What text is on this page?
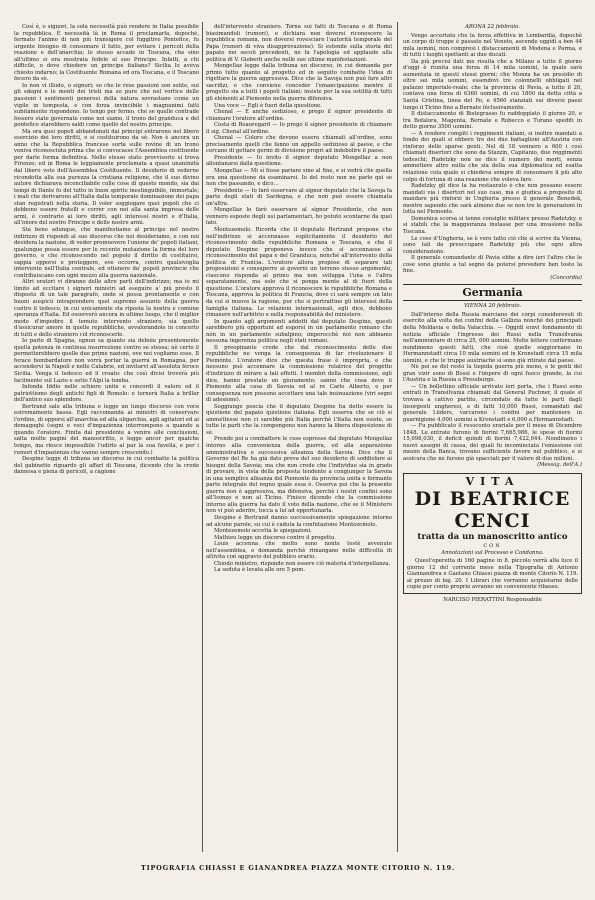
Così è, o signori, la sola necessità può rendere in Italia possibile la repubblica. È necessità là in Roma il proclamarla, dopochè, fermato l'animo di non più transigere col fuggitivo Pontefice, fu urgente bisogno di consumare il fatto, per evitare i pericoli della reazione e dell'anarchia; lo stesso accade in Toscana, che sino all'ultimo si era mostrata fedele al suo Principe. Infatti, a chi difficile, o dove chiedere un principe italiano? Sicilia lo aveva chiesto indarno; la Costituente Romana ed ora Toscana, e il Toscano fecero da sè.

Io non vi illudo, o signori; so che le rese passioni son solite, sui gli sdegni e le menti dei tristi ma so pure che nel vortice delle passioni i sentimenti generosi della natura sovrastano come un vigile in tempesta, e con forza invincibile i magnanimi fatti subitamente rispondono. Io tengo per fermo, che se quelle contrade fossero state governate come noi siamo, il trono del granduca e del pontefice starebbero saldi come quello del nostro principe.

Ma ora quei popoli abbandonati dai principi entrarono nel libero esercizio dei loro diritti, e si costituirono da sè. Non è ancora un anno che la Repubblica francese sorta sulle rovine di un trono veniva riconosciuta prima che si convocasse l'Assemblea costituente per darle forma definitiva. Nello stesso stato provvisorio si trova Firenze; ed in Roma le leggiamente proclamata a quasi unanimità dal libero voto dell'Assemblea Costituente. Il desiderio di vederne ricondotta alla sua purezza la cristiana religione, che il suo divino autore dichiarava inconciliabile colle cose di questo mondo, sia dai tempi di Dante fu del tutto in buon spirito inestinguibile, immortale; i mali che derivarono all'Italia dalla temporale dominazione dei papa stan registrati nella storia. Il voler soggiogare quei popoli che ci debbono essere fratelli e correr con noi alla santa impresa delle armi, è contrario ai loro diritti, agli interessi nostri e d'Italia, all'onore del nostro Principe e delle nostre armi.

Sta bene adunque, che manifestiamo al principe nel nostro indirizzo di rispondi al suo discorso che noi desideriamo, e con noi desidera la nazione, di veder promuovere l'unione de' popoli italiani, qualunque possa essere per le recente mutazione la forma del loro governo, e che riconoscendo nel popolo il diritto di costituirsi, sappia opporsi e proteggere, ove occorra, contro qualsivoglia intervento nell'Italia centrale, ed ottenere da' popoli provincie che contribuiscano con ogni mezzo alla guerra nazionale.

Altri oratori vi diranno delle altre parti dell'indirizzo; ma io mi limito ad eccitare i signori ministri ad eseguire a' più presto il disposto di un tale paragrafo, onde si possa prontamente e con buoni auspicii intraprendere quel supremo assunto della guerra contro il tedesco, in cui unicamente sta riposta la nostra e comune speranza d'Italia. Ed osserverò ancora in ultimo luogo, che il miglior modo d'impedire il temuto intervento straniero, sia quello d'assicurar amore in quelle repubbliche, avvalorandole in concerto di tutti e dello straniero col riconoscerle.

Io parlo di Spagna, ognun sa quanto sia debole presentemente quella potenza in continua insurrezione contro se stessa; nè certo il permetterebbero quelle due prime nazioni, ove noi vogliamo esse. Il ferace bombardatore non vorrà portar la guerra in Romagna, per accendervi la Napoli e nelle Calabrie, ed invitarvi all'assoluta feroce Sicilia. Venga il tedesco ed il croato: che così divisi troverà più facilmente sul Lazio e sotto l'Alpi la tomba.

Infonda Iddio nelle schiere unite e concordi il valore ed il patriottismo degli antichi figli di Romolo: e tornerà Italia a brillar dell'antico suo splendore.

Bertrand sale alla tribuna e legge un lungo discorso con voce estremamente bassa. Egli raccomanda ai ministri di conservare l'ordine, di opporsi all'anarchia ed alla oligarchia, agli agitatori ed ai demagoghi (segni e voci d'impazienza interrompono a quando a quando l'oratore. Finita dal presidente a venire alle conclusioni, salta molte pagini del manoscritto, e legge ancor per qualche tempo, ma riesce impossibile l'udirlo al par la sua favella, e per i rumori d'impazienza che vanno sempre crescendo.)

Despine legge di tribuna un discorso in cui combatte la politica del gabinetto riguardo gli affari di Toscana, dicendo che la crede dannosa e piena di pericoli, a cagione

dell'intervento straniero. Torna sui fatti di Toscana e di Roma biasimandoli (rumori), e dichiara non doversi riconoscere la repubblica romana, non doversi rovesciare l'autorità temporale del Papa (rumori di viva disapprovazione). Si estende sulla storia del papato nei secoli precedenti, ne fa l'apologia ed applaude alla politica di V. Gioberti anche nelle sue ultime manifestazioni.

Mongellaz legge dalla tribuna un discorso, in cui domanda per primo tutto quanto al progetto ed in seguito combatte l'idea di rigettare la guerra aggressiva. Dice che la Savoja non può fare altri sacrifizi, e che conviene conceder l'emancipazione mentre il progetto sia a tutti i popoli italiani; insiste per la sua ostilità di tutti gli elementi al Piemonte nella guerra difensiva.

Una voce — Egli è fuori della questione.

Chenal — È anche sedizioso, e prego il signor presidente di chiamare l'oratore all'ordine.

Costa di Beauregard — Io prego il signor presidente di chiamare il sig. Chenal all'ordine.

Chenal — Coloro che devono essere chiamati all'ordine, sono precisamente quelli che fanno un appello sedizioso al paese, e che cercano di gettare germi di divisione propri ad indebolire il paese.

Presidente — Io invito il signor deputato Mongellaz a non allontanarsi dalla questione.

Mongellaz — Mi sì fosse pariare sino al fine, e si vedrà che quella era una questione da esaminarsi. Io del resto non ne parlo qui se non che passando, e dico…

Presidente — Io farò osservare al signor deputato che la Savoja fa parte degli stati di Sardegna, e che non può essere chiamata un'altra.

Mongellaz lo farò osservare al signor Presidente, che non vennero esposte degli usi parlamentari, ho potuto scontarne da quel lato.

Montezemolo. Ricorda che il deputato Bertrand propone che nell'indirizzo si accennasse esplicitamente il desiderio del riconoscimento delle repubbliche Romana e Toscana, e che il deputato Despine proponeva invece che si accennasse al riconoscimento del papa e del Granduca, nonché all'intervento della politica di Francia. L'oratore allora propose di separare tali proposizioni e consuperre ai governi un terreno stesso argomento, ciascuno risponda al primo ma non sviluppa l'una e l'altra separatamente, ma solo che si ponga mente al di fuori della questione. L'oratore approva il riconoscere le repubbliche Romana e Toscana, approva la politica di Francia, dove ci sarà sempre un lato da cui si muove la ragione, pur che si pertrattino gli interessi della famiglia italiana. Le relazioni internazionali, egli dice, debbono rimanere nell'arbitrio e nella responsabilità del ministero.

In quanto agli argomenti addotti dal deputato Despine, questi sarebbero più opportuni ad esporsi in un parlamento romano che non in un parlamento subalpino; imperocchè noi non abbiamo nessuna ingerenza politica negli stati romani.

Il preopinante crede che dal riconoscimento delle due repubbliche ne venga la conseguenza di far rivoluzionare il Piemonte. L'oratore dice che questa frase è impropria, e che nessuno può accennare la commissione relatrice del progetto d'indirizzo di mirare a tali effetti. I membri della commissione, egli dice, hanno prestato un giuramento; sanno che cosa deve il Piemonte alla casa di Savoia ed al re Carlo Alberto, e per conseguenza non possono accettare una tale insinuazione (viri segni di adesione).

Soggiunge poscia che il deputato Despine ha detto essere la quistione del papato quistione italiana. Egli osserva che se ciò si ammettesse non ci sarebbe più Italia perchè l'Italia non esiste, se tutte le parti che la compongono non hanno la libera disposizione di sè.

Prende poi a combattere le cose espresse dal deputato Mongellaz intorno alla convenienza della guerra, ed alla separazione amministrativa e successiva alleanza della Savoia. Dice che il Governo del Re ha già dato prova del suo desiderio di soddisfare ai bisogni della Savoia; ma che non crede che l'individuo sia in grado di provare, in vista della proposta tendente a congiunger la Savoia in una semplice alleanza del Piemonte da provincia unita e formante parte integrale del regno quale essa è. Osserva poi che la presente guerra non è aggressiva, ma difensiva, perchè i nostri confini sono all'Isonzo e non al Ticino. Finisce dicendo che la commissione intorno alla guerra ha dato il voto della nazione, che se il Ministero non vi può aderire, tocca a lui ad opportunarla.

Despine e Bertrand danno successivamente spiegazione intorno ad alcune parole, su cui è caduta la confutazione Montezemolo.

Montezemolo accetta le spiegazioni.

Mathieu legge un discorso contro il progetto.

Louis accenna che molto sono nonte testè avvenute nell'assemblea, e domanda perchè rimangano nelle difficoltà di attivita con aggravio del pubblico erario.

Chiodo ministro, risponde non essere ciò materia d'interpellanza.

La seduta è levata alle ore 5 pom.

ARONA 22 febbraio.

Vengo accertato che la forza effettiva in Lombardia, dopochè un corpo di truppe è passato nel Veneto, ascende oggidì a ben 44 mila uomini, non compresi i distaccamenti di Modena e Parma, e di tutti i luoghi spettanti ai due ducati.

Da più precisi dati me risulta che a Milano a tutto il giorno d'oggi è riunita una forza di 14 mila uomini, la quale sarà aumentata in questi stessi giorni; che Monza ha un presidio di oltre sei mila uomini, essendovi tre colonnelli obbligati nel palazzo imperiale-reale; che la provincia di Pavia, a tutto il 20, contava una forza di 6360 uomini, di cui 1800 da detta città a Santa Cristina, linea del Po, e 4560 stanziati sui diversi paesi lungo il Ticino fino a Bernate inclusivamente.

Il distaccamento di Bistegrasso fu raddoppiato il giorno 20, e tra Bofalora, Magenta, Bernate e Robecco e Turano spediti in detto giorno 3500 uomini.

— A rendere compiti i reggimenti italiani, si inoltre mandati a fondo dei quali si ebbero tre dei due battaglioni all'Austria con rinforzo delle sparse genti. Nel dì 18 vennero a 600 i così chiamati disertori che sono da Stazzin, Capitanio, due reggimenti tedeschi; Radetzky non ne dice il numero dei morti, senza ammettere altro nulla che sia della sua diplomatica ed esatta relazione cola quale si chiedeva sempre di consumare il più alto colpo di fortuna di una reazione che voleva fare.

Radetzky gli dice la ha restaurato è che non possano essere mandati via i disertori nel suo caso, ma e giudica a proposito di mandare più rinforzi in Ungheria presso il generale Benedek, mentre sapendo che sarà almeno due se non tre le generazioni in lotta nel Piemonte.

Domenica scorsa si tenne consiglio militare presso Radetzky, e si stabilì che la maggioranza instasse per una invasione nella Toscana.

Le cose d'Ungheria, se è vero tutto ciò che si scrive da Vienna, sono tali da preoccupare Radetzky più che ogni altra considerazione.

Il generale comandante di Pavia ebbe a dire ieri l'altro che le cose sono giunte a tal segno da potersi prevedere ben tosto la fine.

(Concordia)
Germania
VIENNA 20 febbraio.

Dall'interno della Russia marciano dei corpi considerevoli di esercito alla volta dei confini della Gallizia nonché dei principati della Moldavia e della Valacchia. — Oggidì eravi fondamento di notizia ufficiale l'ingresso dei Russi nella Transilvania nell'ammontare di circa 25, 000 uomini. Molte lettere confermano nondimeno questi fatti, che cioè quelle soggiornano in Hermannstadt circa 10 mila uomini ed in Kronstadt circa 15 mila uomini, e che le truppe austriache si sono già ritirate dal paese.

Nè poi se del resto la tiepida guerra più meno, e le genti del gran vizir sono di Bossi e l'impero di ogni fuoco grande, la cui l'Austria e la Russia a Pressburgo.

— Un bollettino ufficiale arrivato ieri porta, che i Russi sono entrati in Transilvania chiamati dal General Puchner, il quale si trovava a cattivo partito, circondato da tutte le parti dagli insorgenti ungheresi, e di fatti 10,000 Russi, comandati dal generale Lüders, varcarono i confini per mantenere in guarnigione 4,000 uomini a Kronstadt e 6,000 a Hermannstadt.

— Fu pubblicato il resoconto erariale per il mese di Dicembre 1848. Le entrate furono di fiorini 7,665,986, le spese di fiorini 15,098,030, il deficit quindi di fiorini 7,422,044. Nondimeno i nuovi assegni di cassa, dei quali fu incominciata l'emissione col mezzo della Banca, trovano sufficiente favore nel pubblico, e si assicura che ne furono già spacciati per il valore di due milioni.

(Messag. dell'A.)
VITA
DI BEATRICE CENCI
tratta da un manoscritto antico
CON
Annotazioni sul Processo e Condanna.

Quest'operetta di 160 pagine in 8. piccolo verrà alla luce il giorno 12 del corrente mese nella Tipografia di Antonio Giannandrea e Gaetano Chiassi piazza di monte Citorio N. 119. al prezzo di baj. 20. I Librari che vorranno acquistarne delle copie per conto proprio avranno un conveniente ribasso.

NARCISO PIERATTINI Responsabile
TIPOGRAFIA CHIASSI E GIANANDREA PIAZZA MONTE CITORIO N. 119.
